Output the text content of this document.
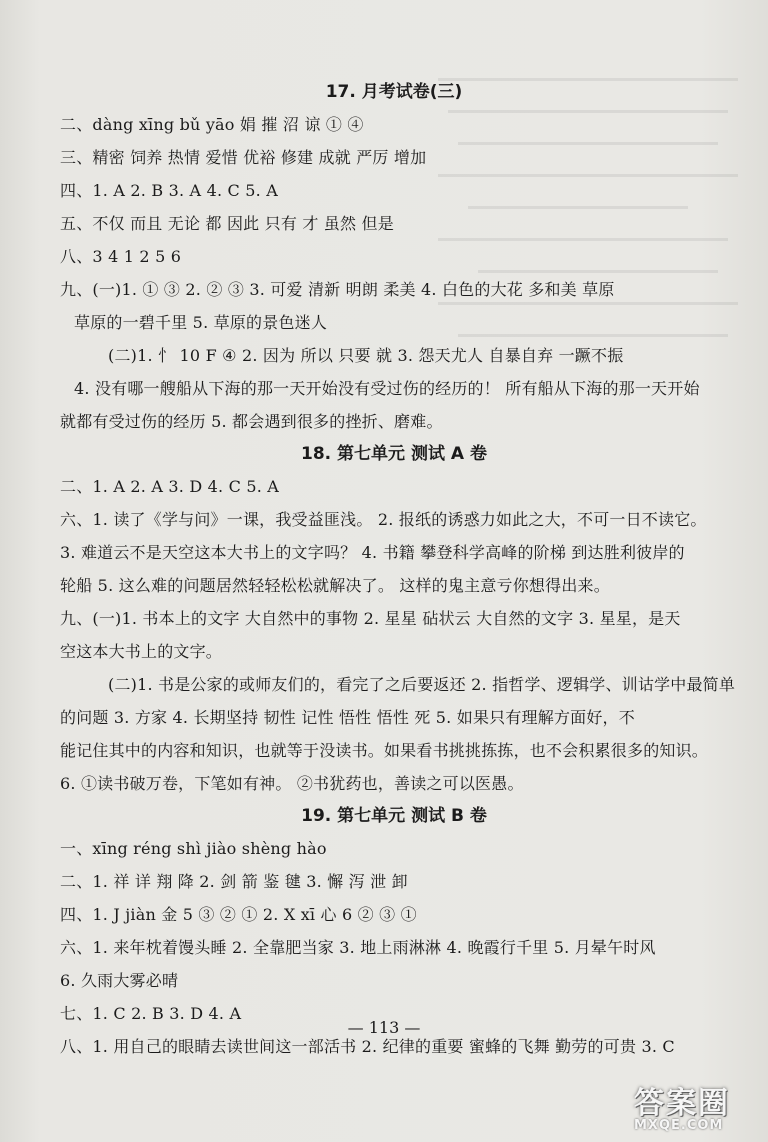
17. 月考试卷(三)
二、dàng xīng bǔ yāo 娟 摧 沼 谅 ① ④
三、精密 饲养 热情 爱惜 优裕 修建 成就 严厉 增加
四、1. A 2. B 3. A 4. C 5. A
五、不仅 而且 无论 都 因此 只有 才 虽然 但是
八、3 4 1 2 5 6
九、(一)1. ① ③ 2. ② ③ 3. 可爱 清新 明朗 柔美 4. 白色的大花 多和美 草原
草原的一碧千里 5. 草原的景色迷人
(二)1. 忄 10 F ④ 2. 因为 所以 只要 就 3. 怨天尤人 自暴自弃 一蹶不振
4. 没有哪一艘船从下海的那一天开始没有受过伤的经历的！ 所有船从下海的那一天开始
就都有受过伤的经历 5. 都会遇到很多的挫折、磨难。
18. 第七单元 测试 A 卷
二、1. A 2. A 3. D 4. C 5. A
六、1. 读了《学与问》一课，我受益匪浅。 2. 报纸的诱惑力如此之大，不可一日不读它。
3. 难道云不是天空这本大书上的文字吗？ 4. 书籍 攀登科学高峰的阶梯 到达胜利彼岸的
轮船 5. 这么难的问题居然轻轻松松就解决了。 这样的鬼主意亏你想得出来。
九、(一)1. 书本上的文字 大自然中的事物 2. 星星 砧状云 大自然的文字 3. 星星，是天
空这本大书上的文字。
(二)1. 书是公家的或师友们的，看完了之后要返还 2. 指哲学、逻辑学、训诂学中最简单
的问题 3. 方家 4. 长期坚持 韧性 记性 悟性 悟性 死 5. 如果只有理解方面好，不
能记住其中的内容和知识，也就等于没读书。如果看书挑挑拣拣，也不会积累很多的知识。
6. ①读书破万卷，下笔如有神。 ②书犹药也，善读之可以医愚。
19. 第七单元 测试 B 卷
一、xīng réng shì jiào shèng hào
二、1. 祥 详 翔 降 2. 剑 箭 鉴 毽 3. 懈 泻 泄 卸
四、1. J jiàn 金 5 ③ ② ① 2. X xī 心 6 ② ③ ①
六、1. 来年枕着馒头睡 2. 全靠肥当家 3. 地上雨淋淋 4. 晚霞行千里 5. 月晕午时风
6. 久雨大雾必晴
七、1. C 2. B 3. D 4. A
八、1. 用自己的眼睛去读世间这一部活书 2. 纪律的重要 蜜蜂的飞舞 勤劳的可贵 3. C
— 113 —
答案圈
MXQE.COM
